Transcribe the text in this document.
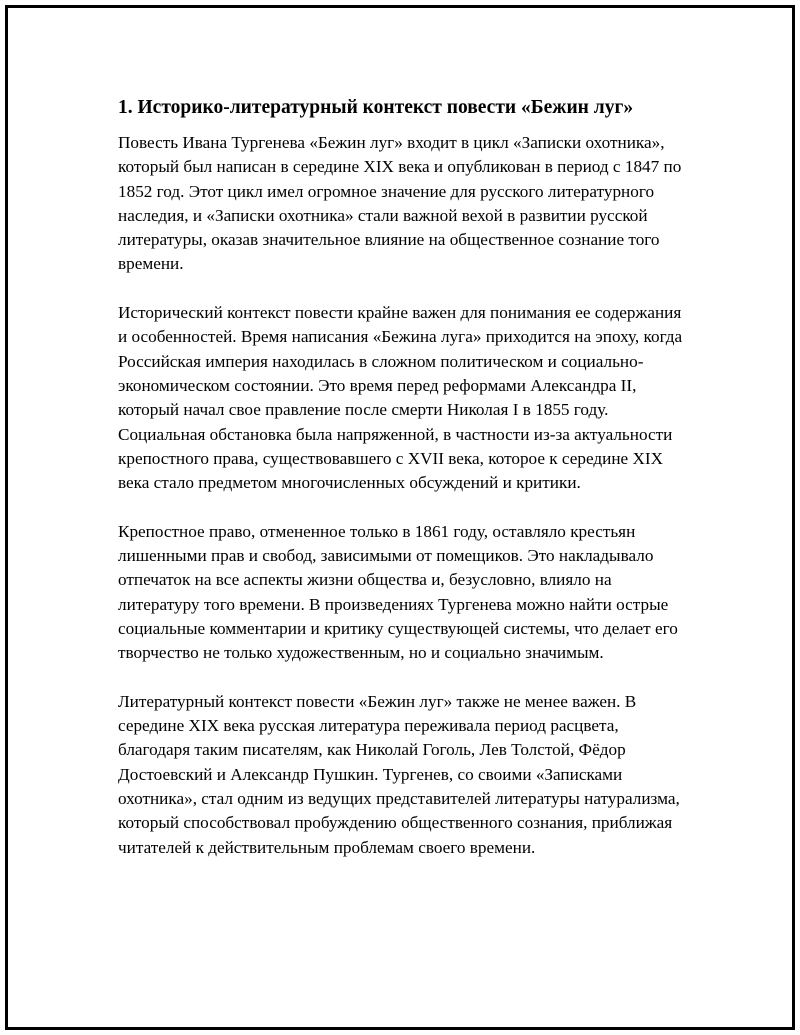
1. Историко-литературный контекст повести «Бежин луг»

Повесть Ивана Тургенева «Бежин луг» входит в цикл «Записки охотника», который был написан в середине XIX века и опубликован в период с 1847 по 1852 год. Этот цикл имел огромное значение для русского литературного наследия, и «Записки охотника» стали важной вехой в развитии русской литературы, оказав значительное влияние на общественное сознание того времени.

Исторический контекст повести крайне важен для понимания ее содержания и особенностей. Время написания «Бежина луга» приходится на эпоху, когда Российская империя находилась в сложном политическом и социально-экономическом состоянии. Это время перед реформами Александра II, который начал свое правление после смерти Николая I в 1855 году. Социальная обстановка была напряженной, в частности из-за актуальности крепостного права, существовавшего с XVII века, которое к середине XIX века стало предметом многочисленных обсуждений и критики.

Крепостное право, отмененное только в 1861 году, оставляло крестьян лишенными прав и свобод, зависимыми от помещиков. Это накладывало отпечаток на все аспекты жизни общества и, безусловно, влияло на литературу того времени. В произведениях Тургенева можно найти острые социальные комментарии и критику существующей системы, что делает его творчество не только художественным, но и социально значимым.

Литературный контекст повести «Бежин луг» также не менее важен. В середине XIX века русская литература переживала период расцвета, благодаря таким писателям, как Николай Гоголь, Лев Толстой, Фёдор Достоевский и Александр Пушкин. Тургенев, со своими «Записками охотника», стал одним из ведущих представителей литературы натурализма, который способствовал пробуждению общественного сознания, приближая читателей к действительным проблемам своего времени.
